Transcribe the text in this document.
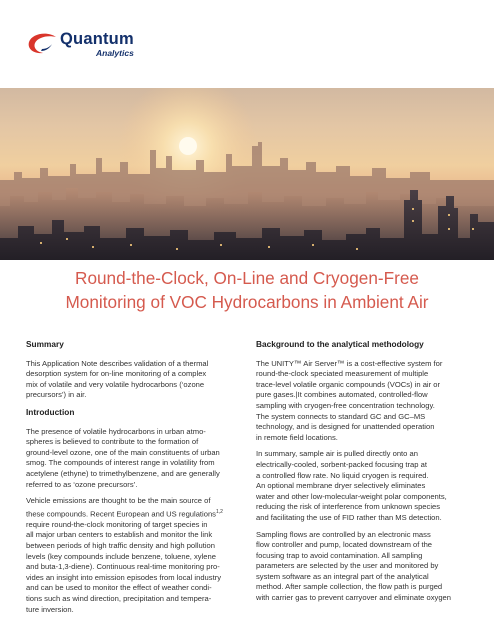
Quantum
Analytics
Round-the-Clock, On-Line and Cryogen-Free
Monitoring of VOC Hydrocarbons in Ambient Air
Summary

This Application Note describes validation of a thermal
desorption system for on-line monitoring of a complex
mix of volatile and very volatile hydrocarbons (‘ozone
precursors’) in air.

Introduction

The presence of volatile hydrocarbons in urban atmo-
spheres is believed to contribute to the formation of
ground-level ozone, one of the main constituents of urban
smog. The compounds of interest range in volatility from
acetylene (ethyne) to trimethylbenzene, and are generally
referred to as ‘ozone precursors’.

Vehicle emissions are thought to be the main source of
these compounds. Recent European and US regulations$^{1,2}$
require round-the-clock monitoring of target species in
all major urban centers to establish and monitor the link
between periods of high traffic density and high pollution
levels (key compounds include benzene, toluene, xylene
and buta-1,3-diene). Continuous real-time monitoring pro-
vides an insight into emission episodes from local industry
and can be used to monitor the effect of weather condi-
tions such as wind direction, precipitation and tempera-
ture inversion.

Background to the analytical methodology

The UNITY™ Air Server™ is a cost-effective system for
round-the-clock speciated measurement of multiple
trace-level volatile organic compounds (VOCs) in air or
pure gases.|It combines automated, controlled-flow
sampling with cryogen-free concentration technology.
The system connects to standard GC and GC–MS
technology, and is designed for unattended operation
in remote field locations.

In summary, sample air is pulled directly onto an
electrically-cooled, sorbent-packed focusing trap at
a controlled flow rate. No liquid cryogen is required.
An optional membrane dryer selectively eliminates
water and other low-molecular-weight polar components,
reducing the risk of interference from unknown species
and facilitating the use of FID rather than MS detection.

Sampling flows are controlled by an electronic mass
flow controller and pump, located downstream of the
focusing trap to avoid contamination. All sampling
parameters are selected by the user and monitored by
system software as an integral part of the analytical
method. After sample collection, the flow path is purged
with carrier gas to prevent carryover and eliminate oxygen
